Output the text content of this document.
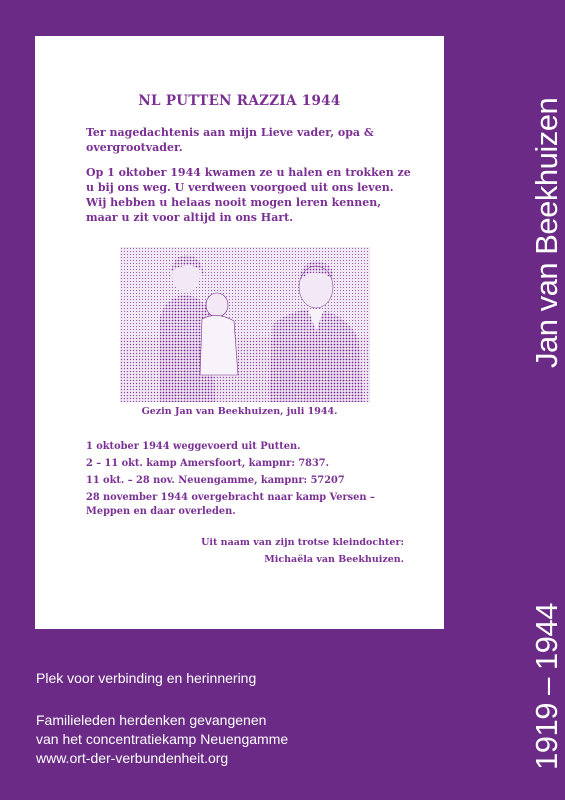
NL PUTTEN RAZZIA 1944

Ter nagedachtenis aan mijn Lieve vader, opa & overgrootvader.

Op 1 oktober 1944 kwamen ze u halen en trokken ze u bij ons weg. U verdween voorgoed uit ons leven. Wij hebben u helaas nooit mogen leren kennen, maar u zit voor altijd in ons Hart.

Gezin Jan van Beekhuizen, juli 1944.
1 oktober 1944 weggevoerd uit Putten.
2 – 11 okt. kamp Amersfoort, kampnr: 7837.
11 okt. – 28 nov. Neuengamme, kampnr: 57207
28 november 1944 overgebracht naar kamp Versen – Meppen en daar overleden.
Uit naam van zijn trotse kleindochter:
Michaëla van Beekhuizen.
Jan van Beekhuizen
1919 – 1944
Plek voor verbinding en herinnering
Familieleden herdenken gevangenen
van het concentratiekamp Neuengamme
www.ort-der-verbundenheit.org
